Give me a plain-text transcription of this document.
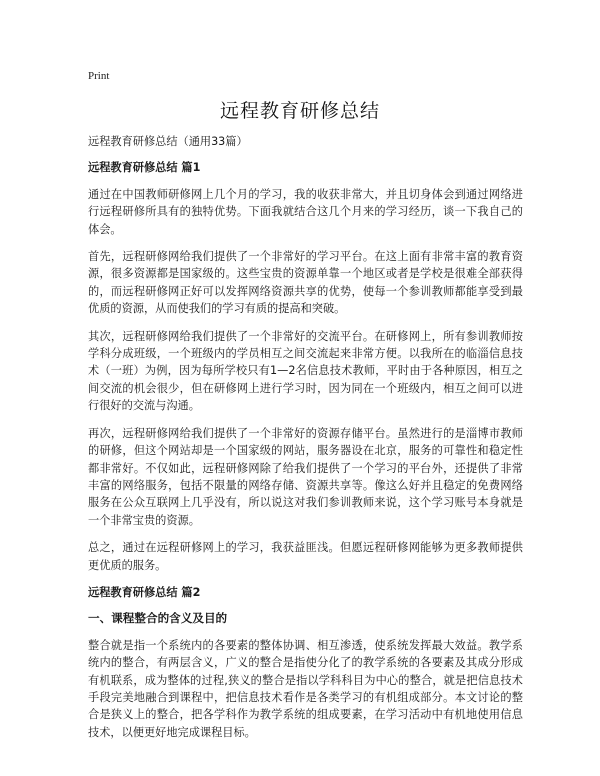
Print
远程教育研修总结

远程教育研修总结（通用33篇）

远程教育研修总结 篇1

通过在中国教师研修网上几个月的学习，我的收获非常大，并且切身体会到通过网络进行远程研修所具有的独特优势。下面我就结合这几个月来的学习经历，谈一下我自己的体会。

首先，远程研修网给我们提供了一个非常好的学习平台。在这上面有非常丰富的教育资源，很多资源都是国家级的。这些宝贵的资源单靠一个地区或者是学校是很难全部获得的，而远程研修网正好可以发挥网络资源共享的优势，使每一个参训教师都能享受到最优质的资源，从而使我们的学习有质的提高和突破。

其次，远程研修网给我们提供了一个非常好的交流平台。在研修网上，所有参训教师按学科分成班级，一个班级内的学员相互之间交流起来非常方便。以我所在的临淄信息技术（一班）为例，因为每所学校只有1—2名信息技术教师，平时由于各种原因，相互之间交流的机会很少，但在研修网上进行学习时，因为同在一个班级内，相互之间可以进行很好的交流与沟通。

再次，远程研修网给我们提供了一个非常好的资源存储平台。虽然进行的是淄博市教师的研修，但这个网站却是一个国家级的网站，服务器设在北京，服务的可靠性和稳定性都非常好。不仅如此，远程研修网除了给我们提供了一个学习的平台外，还提供了非常丰富的网络服务，包括不限量的网络存储、资源共享等。像这么好并且稳定的免费网络服务在公众互联网上几乎没有，所以说这对我们参训教师来说，这个学习账号本身就是一个非常宝贵的资源。

总之，通过在远程研修网上的学习，我获益匪浅。但愿远程研修网能够为更多教师提供更优质的服务。

远程教育研修总结 篇2

一、课程整合的含义及目的

整合就是指一个系统内的各要素的整体协调、相互渗透，使系统发挥最大效益。教学系统内的整合，有两层含义，广义的整合是指使分化了的教学系统的各要素及其成分形成有机联系，成为整体的过程,狭义的整合是指以学科科目为中心的整合，就是把信息技术手段完美地融合到课程中，把信息技术看作是各类学习的有机组成部分。本文讨论的整合是狭义上的整合，把各学科作为教学系统的组成要素，在学习活动中有机地使用信息技术，以便更好地完成课程目标。
